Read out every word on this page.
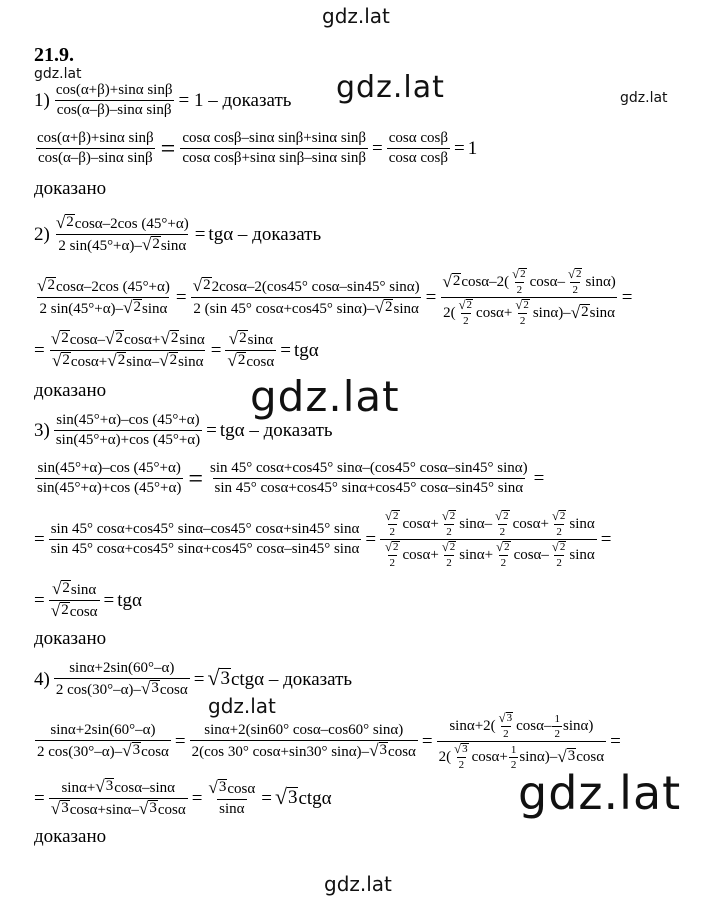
gdz.lat
gdz.lat	gdz.lat	gdz.lat
gdz.lat
gdz.lat
gdz.lat
gdz.lat
21.9.
$1) \frac{\text{cos(α+β)+sinα sinβ}}{\text{cos(α–β)–sinα sinβ}} = 1$ – доказать
$\frac{\text{cos(α+β)+sinα sinβ}}{\text{cos(α–β)–sinα sinβ}} = \frac{\text{cosα cosβ–sinα sinβ+sinα sinβ}}{\text{cosα cosβ+sinα sinβ–sinα sinβ}} = \frac{\text{cosα cosβ}}{\text{cosα cosβ}} = 1$
доказано
$2) \frac{√ 2 \cos\alpha-2\cos (45^\circ+\alpha)}{2 \sin(45^\circ+\alpha)- √ 2 \sin\alpha} = tg\alpha$ – доказать
$\frac{√ 2 \cos\alpha-2\cos (45^\circ+\alpha)}{2 \sin(45^\circ+\alpha)- √ 2 \sin\alpha} = \frac{√ 2 2\cos\alpha-2(\cos 45^\circ \cos\alpha-\sin 45^\circ \sin\alpha)}{2 (\sin 45^\circ \cos\alpha+\cos 45^\circ \sin\alpha)- √ 2 \sin\alpha} = \frac{√ 2 \cos\alpha-2( \frac{√ 2}{2} \cos\alpha- \frac{√ 2}{2} \sin\alpha)}{2( \frac{√ 2}{2} \cos\alpha+ \frac{√ 2}{2} \sin\alpha)- √ 2 \sin\alpha}$ =
= $\frac{√ 2 \cos\alpha- √ 2 \cos\alpha+ √ 2 \sin\alpha}{√ 2 \cos\alpha+ √ 2 \sin\alpha- √ 2 \sin\alpha} = \frac{√ 2 \sin\alpha}{√ 2 \cos\alpha} = tg\alpha$
доказано
$3) \frac{\sin(45^\circ+\alpha)-\cos (45^\circ+\alpha)}{\sin(45^\circ+\alpha)+\cos (45^\circ+\alpha)} = tg\alpha$ – доказать
$\frac{\sin(45^\circ+\alpha)-\cos (45^\circ+\alpha)}{\sin(45^\circ+\alpha)+\cos (45^\circ+\alpha)} = \frac{\sin 45^\circ \cos\alpha+\cos 45^\circ \sin\alpha-(\cos 45^\circ \cos\alpha-\sin 45^\circ \sin\alpha)}{\sin 45^\circ \cos\alpha+\cos 45^\circ \sin\alpha+\cos 45^\circ \cos\alpha-\sin 45^\circ \sin\alpha}$ =
= $\frac{\sin 45^\circ \cos\alpha+\cos 45^\circ \sin\alpha-\cos 45^\circ \cos\alpha+\sin 45^\circ \sin\alpha}{\sin 45^\circ \cos\alpha+\cos 45^\circ \sin\alpha+\cos 45^\circ \cos\alpha-\sin 45^\circ \sin\alpha} = \frac{\frac{√ 2}{2} \cos\alpha+ \frac{√ 2}{2} \sin\alpha- \frac{√ 2}{2} \cos\alpha+ \frac{√ 2}{2} \sin\alpha}{\frac{√ 2}{2} \cos\alpha+ \frac{√ 2}{2} \sin\alpha+ \frac{√ 2}{2} \cos\alpha- \frac{√ 2}{2} \sin\alpha}$ =
= $\frac{√ 2 \sin\alpha}{√ 2 \cos\alpha} = tg\alpha$
доказано
$4) \frac{\sin\alpha+2\sin(60^\circ-\alpha)}{2 \cos(30^\circ-\alpha)- √ 3 \cos\alpha}$ = √ 3 ctgα – доказать
$\frac{\sin\alpha+2\sin(60^\circ-\alpha)}{2 \cos(30^\circ-\alpha)- √ 3 \cos\alpha} = \frac{\sin\alpha+2(\sin 60^\circ \cos\alpha-\cos 60^\circ \sin\alpha)}{2(\cos 30^\circ \cos\alpha+\sin 30^\circ \sin\alpha)- √ 3 \cos\alpha} = \frac{\sin\alpha+2( \frac{√ 3}{2} \cos\alpha- \frac{1}{2} \sin\alpha)}{2( \frac{√ 3}{2} \cos\alpha+ \frac{1}{2} \sin\alpha)- √ 3 \cos\alpha}$ =
= $\frac{\sin\alpha+ √ 3 \cos\alpha-\sin\alpha}{√ 3 \cos\alpha+\sin\alpha- √ 3 \cos\alpha} = \frac{√ 3 \cos\alpha}{\sin\alpha}$ = √ 3 ctgα
доказано
